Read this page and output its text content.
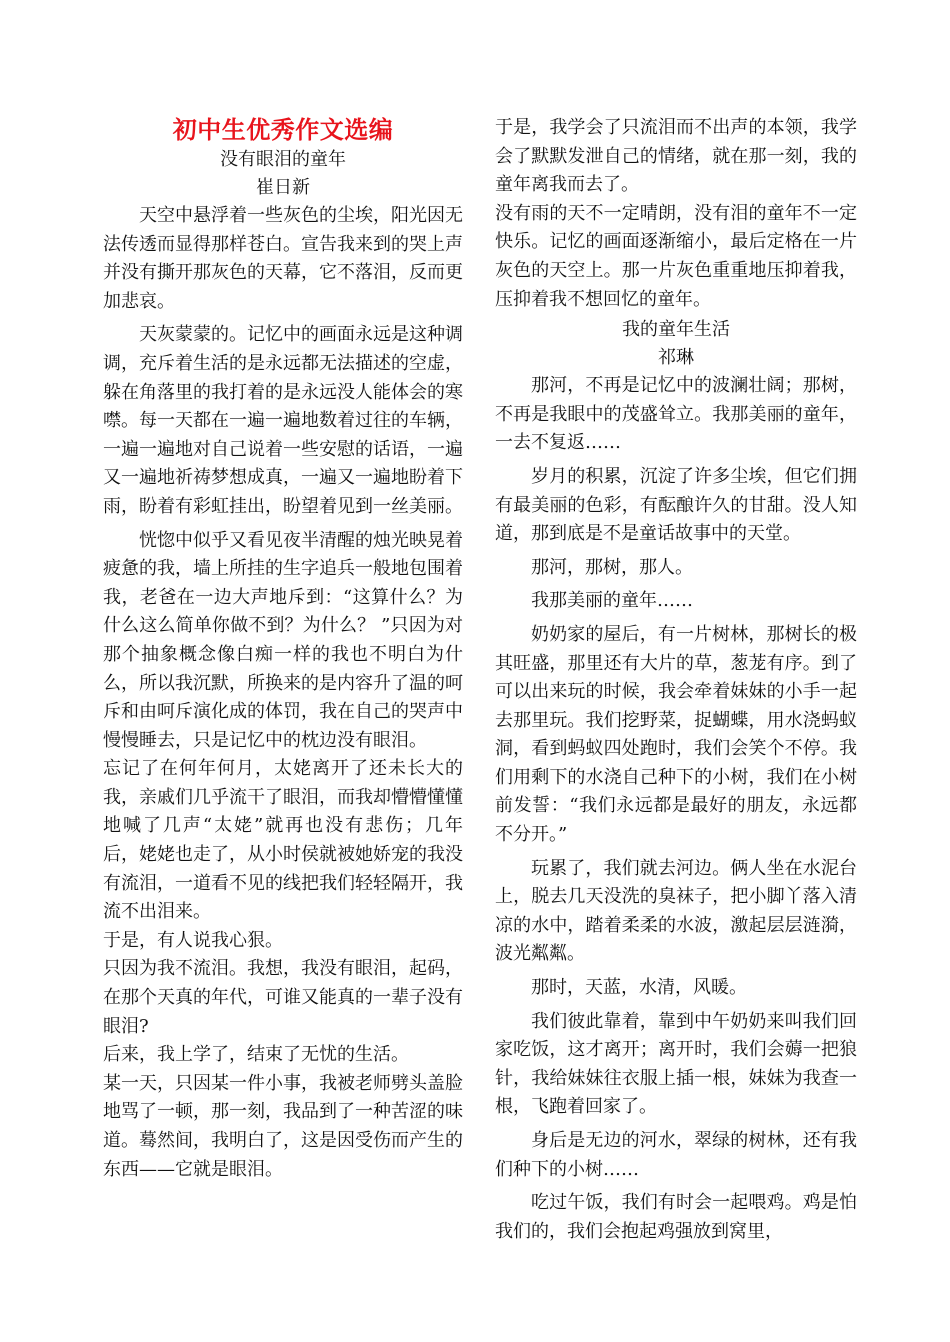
初中生优秀作文选编
没有眼泪的童年
崔日新

天空中悬浮着一些灰色的尘埃，阳光因无法传透而显得那样苍白。宣告我来到的哭上声并没有撕开那灰色的天幕，它不落泪，反而更加悲哀。

天灰蒙蒙的。记忆中的画面永远是这种调调，充斥着生活的是永远都无法描述的空虚，躲在角落里的我打着的是永远没人能体会的寒噤。每一天都在一遍一遍地数着过往的车辆，一遍一遍地对自己说着一些安慰的话语，一遍又一遍地祈祷梦想成真，一遍又一遍地盼着下雨，盼着有彩虹挂出，盼望着见到一丝美丽。

恍惚中似乎又看见夜半清醒的烛光映晃着疲惫的我，墙上所挂的生字追兵一般地包围着我，老爸在一边大声地斥到：“这算什么？为什么这么简单你做不到？为什么？ ”只因为对那个抽象概念像白痴一样的我也不明白为什么，所以我沉默，所换来的是内容升了温的呵斥和由呵斥演化成的体罚，我在自己的哭声中慢慢睡去，只是记忆中的枕边没有眼泪。

忘记了在何年何月，太姥离开了还未长大的我，亲戚们几乎流干了眼泪，而我却懵懵懂懂地喊了几声“太姥”就再也没有悲伤；几年后，姥姥也走了，从小时侯就被她娇宠的我没有流泪，一道看不见的线把我们轻轻隔开，我流不出泪来。

于是，有人说我心狠。

只因为我不流泪。我想，我没有眼泪，起码，在那个天真的年代，可谁又能真的一辈子没有眼泪?

后来，我上学了，结束了无忧的生活。

某一天，只因某一件小事，我被老师劈头盖脸地骂了一顿，那一刻，我品到了一种苦涩的味道。蓦然间，我明白了，这是因受伤而产生的东西——它就是眼泪。

于是，我学会了只流泪而不出声的本领，我学会了默默发泄自己的情绪，就在那一刻，我的童年离我而去了。

没有雨的天不一定晴朗，没有泪的童年不一定快乐。记忆的画面逐渐缩小，最后定格在一片灰色的天空上。那一片灰色重重地压抑着我，压抑着我不想回忆的童年。

我的童年生活
祁琳

那河，不再是记忆中的波澜壮阔；那树，不再是我眼中的茂盛耸立。我那美丽的童年，一去不复返……

岁月的积累，沉淀了许多尘埃，但它们拥有最美丽的色彩，有酝酿许久的甘甜。没人知道，那到底是不是童话故事中的天堂。

那河，那树，那人。

我那美丽的童年……

奶奶家的屋后，有一片树林，那树长的极其旺盛，那里还有大片的草，葱茏有序。到了可以出来玩的时候，我会牵着妹妹的小手一起去那里玩。我们挖野菜，捉蝴蝶，用水浇蚂蚁洞，看到蚂蚁四处跑时，我们会笑个不停。我们用剩下的水浇自己种下的小树，我们在小树前发誓：“我们永远都是最好的朋友，永远都不分开。”

玩累了，我们就去河边。俩人坐在水泥台上，脱去几天没洗的臭袜子，把小脚丫落入清凉的水中，踏着柔柔的水波，激起层层涟漪，波光粼粼。

那时，天蓝，水清，风暖。

我们彼此靠着，靠到中午奶奶来叫我们回家吃饭，这才离开；离开时，我们会薅一把狼针，我给妹妹往衣服上插一根，妹妹为我查一根，飞跑着回家了。

身后是无边的河水，翠绿的树林，还有我们种下的小树……

吃过午饭，我们有时会一起喂鸡。鸡是怕我们的，我们会抱起鸡强放到窝里，
